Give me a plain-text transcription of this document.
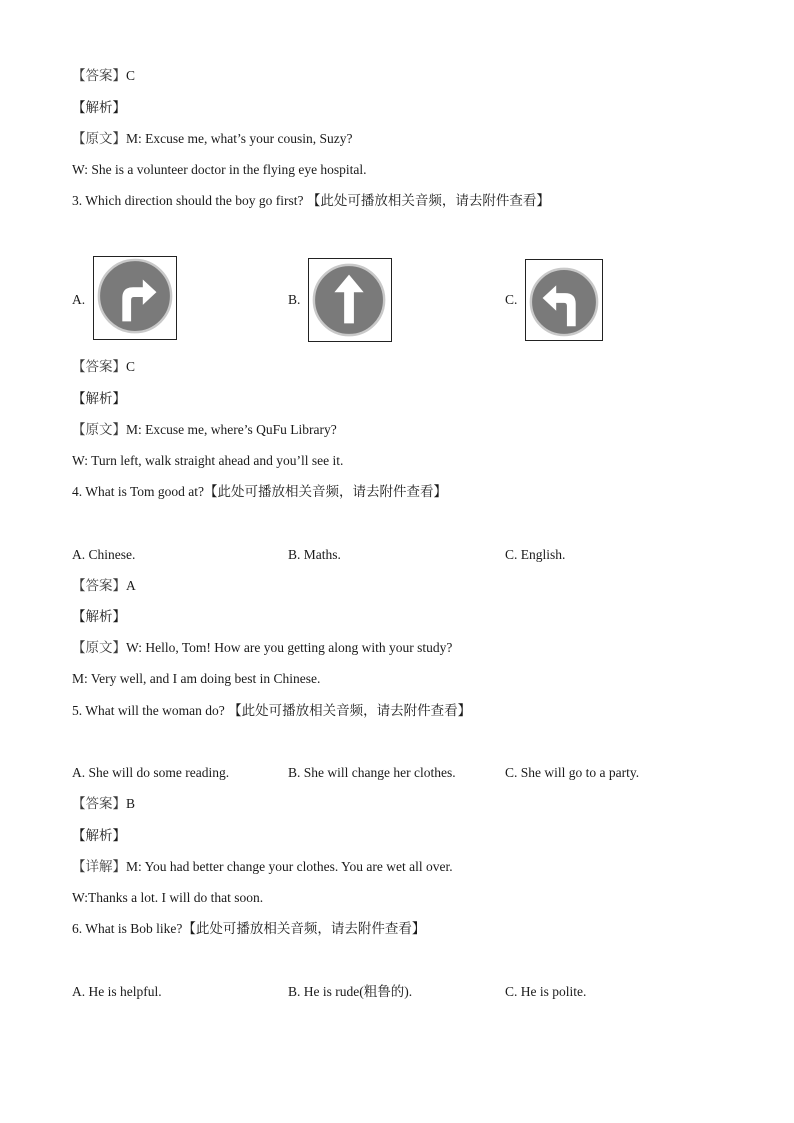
【答案】C
【解析】
【原文】M: Excuse me, what’s your cousin, Suzy?
W: She is a volunteer doctor in the flying eye hospital.
3. Which direction should the boy go first? 【此处可播放相关音频，请去附件查看】
A.	B.	C.
【答案】C
【解析】
【原文】M: Excuse me, where’s QuFu Library?
W: Turn left, walk straight ahead and you’ll see it.
4. What is Tom good at?【此处可播放相关音频，请去附件查看】
A. Chinese.	B. Maths.	C. English.
【答案】A
【解析】
【原文】W: Hello, Tom! How are you getting along with your study?
M: Very well, and I am doing best in Chinese.
5. What will the woman do? 【此处可播放相关音频，请去附件查看】
A. She will do some reading.	B. She will change her clothes.	C. She will go to a party.
【答案】B
【解析】
【详解】M: You had better change your clothes. You are wet all over.
W:Thanks a lot. I will do that soon.
6. What is Bob like?【此处可播放相关音频，请去附件查看】
A. He is helpful.	B. He is rude(粗鲁的).	C. He is polite.
